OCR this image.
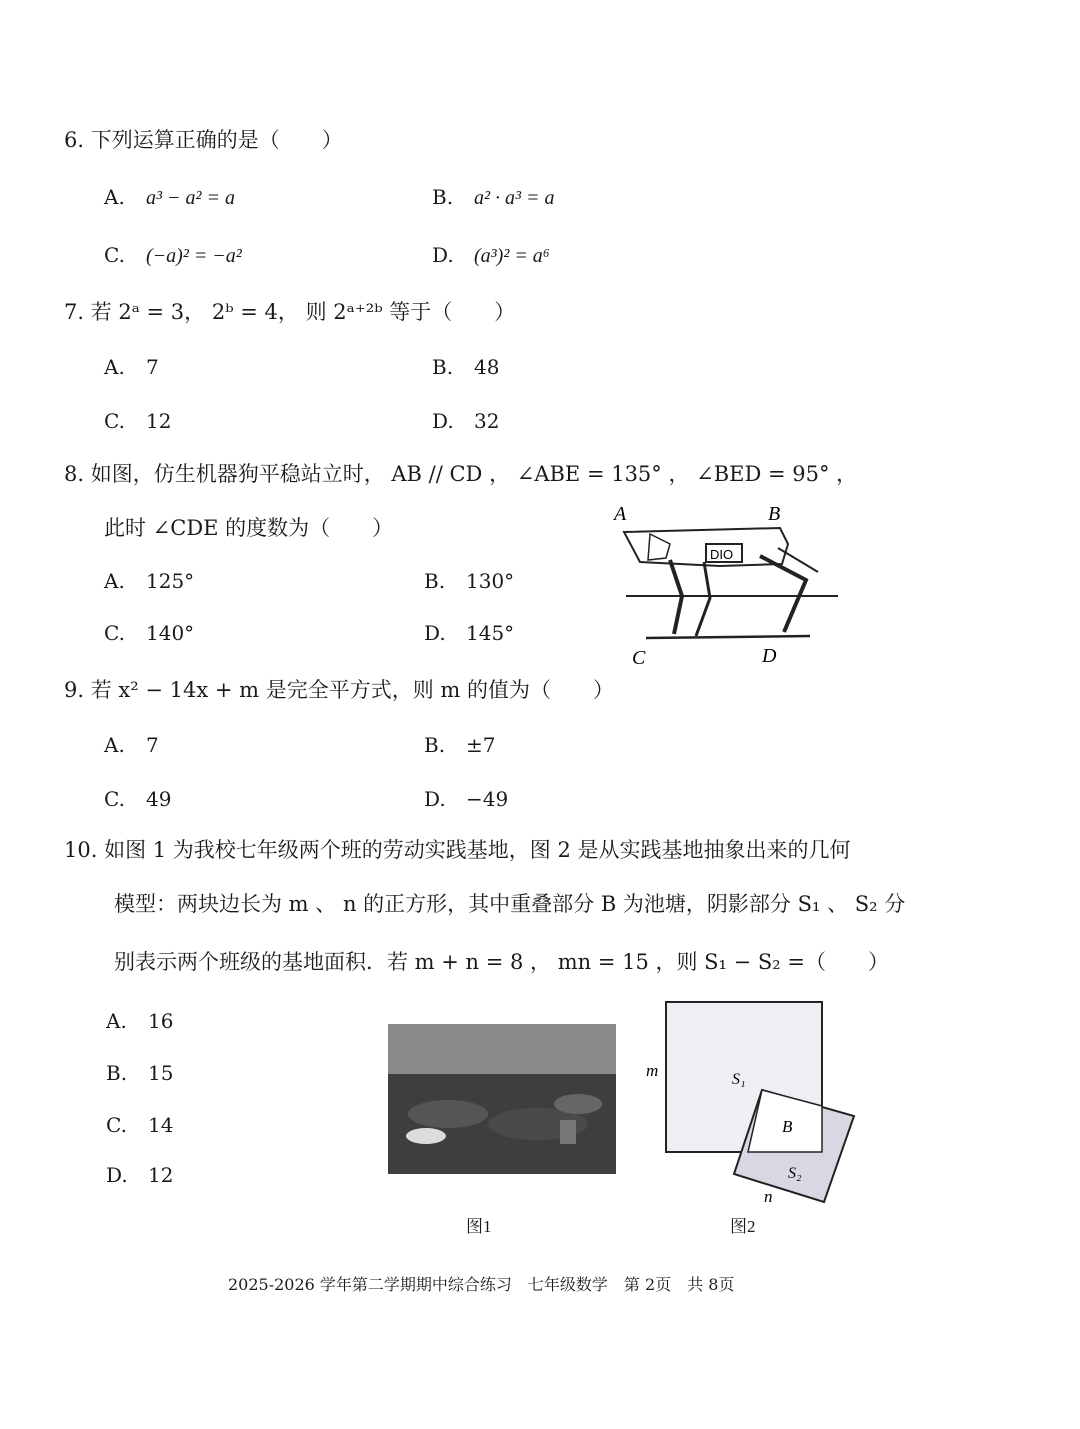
6. 下列运算正确的是（　　）
A. a³ − a² = a	B. a² · a³ = a
C. (−a)² = −a²	D. (a³)² = a⁶
7. 若 2ᵃ = 3， 2ᵇ = 4， 则 2ᵃ⁺²ᵇ 等于（　　）
A. 7	B. 48
C. 12	D. 32
8. 如图，仿生机器狗平稳站立时， AB // CD ， ∠ABE = 135° ， ∠BED = 95° ，
此时 ∠CDE 的度数为（　　）
A. 125°	B. 130°
C. 140°	D. 145°
A	B
DIO
C	D
9. 若 x² − 14x + m 是完全平方式，则 m 的值为（　　）
A. 7	B. ±7
C. 49	D. −49
10. 如图 1 为我校七年级两个班的劳动实践基地，图 2 是从实践基地抽象出来的几何
模型：两块边长为 m 、 n 的正方形，其中重叠部分 B 为池塘，阴影部分 S₁ 、 S₂ 分
别表示两个班级的基地面积．若 m + n = 8 ， mn = 15 ，则 S₁ − S₂ =（　　）
A. 16
B. 15
C. 14
D. 12
图1
m	S₁
B
S₂
n
图2
2025-2026 学年第二学期期中综合练习　七年级数学　第 2页　共 8页
